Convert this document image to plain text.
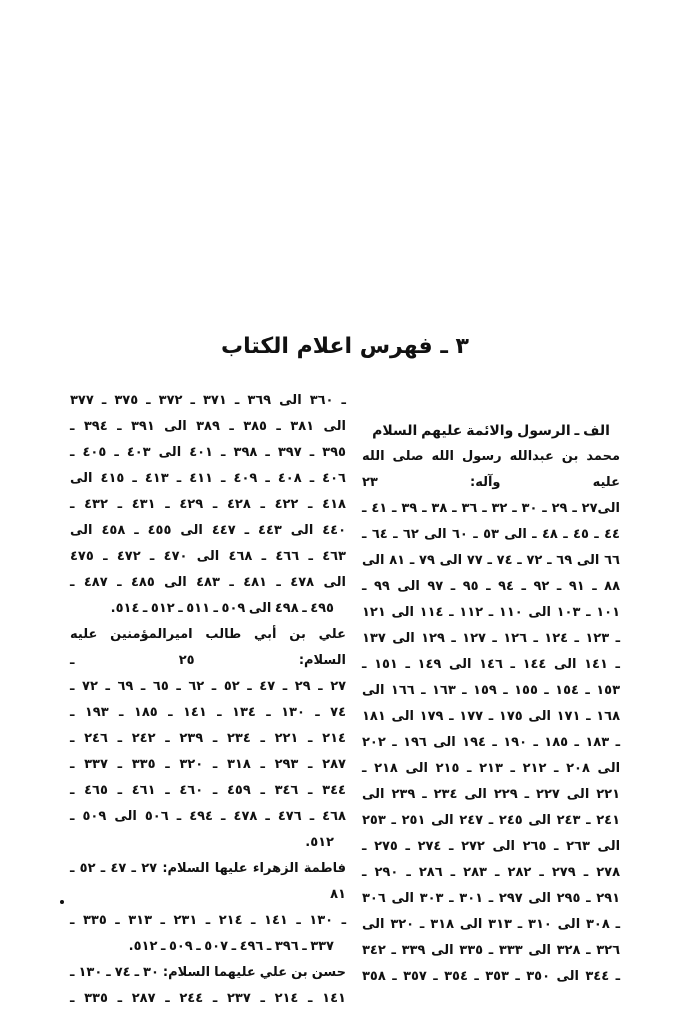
٣ ـ فهرس اعلام الكتاب
الف ـ الرسول والائمة عليهم السلام
محمد بن عبدالله رسول الله صلى الله عليه وآله: ٢٣
الى٢٧ ـ ٢٩ ـ ٣٠ ـ ٣٢ ـ ٣٦ ـ ٣٨ ـ ٣٩ ـ ٤١ ـ
٤٤ ـ ٤٥ ـ ٤٨ ـ الى ٥٣ ـ ٦٠ الى ٦٢ ـ ٦٤ ـ
٦٦ الى ٦٩ ـ ٧٢ ـ ٧٤ ـ ٧٧ الى ٧٩ ـ ٨١ الى
٨٨ ـ ٩١ ـ ٩٢ ـ ٩٤ ـ ٩٥ ـ ٩٧ الى ٩٩ ـ
١٠١ ـ ١٠٣ الى ١١٠ ـ ١١٢ ـ ١١٤ الى ١٢١
ـ ١٢٣ ـ ١٢٤ ـ ١٢٦ ـ ١٢٧ ـ ١٢٩ الى ١٣٧
ـ ١٤١ الى ١٤٤ ـ ١٤٦ الى ١٤٩ ـ ١٥١ ـ
١٥٣ ـ ١٥٤ ـ ١٥٥ ـ ١٥٩ ـ ١٦٣ ـ ١٦٦ الى
١٦٨ ـ ١٧١ الى ١٧٥ ـ ١٧٧ ـ ١٧٩ الى ١٨١
ـ ١٨٣ ـ ١٨٥ ـ ١٩٠ ـ ١٩٤ الى ١٩٦ ـ ٢٠٢
الى ٢٠٨ ـ ٢١٢ ـ ٢١٣ ـ ٢١٥ الى ٢١٨ ـ
٢٢١ الى ٢٢٧ ـ ٢٢٩ الى ٢٣٤ ـ ٢٣٩ الى
٢٤١ ـ ٢٤٣ الى ٢٤٥ ـ ٢٤٧ الى ٢٥١ ـ ٢٥٣
الى ٢٦٣ ـ ٢٦٥ الى ٢٧٢ ـ ٢٧٤ ـ ٢٧٥ ـ
٢٧٨ ـ ٢٧٩ ـ ٢٨٢ ـ ٢٨٣ ـ ٢٨٦ ـ ٢٩٠ ـ
٢٩١ ـ ٢٩٥ الى ٢٩٧ ـ ٣٠١ ـ ٣٠٣ الى ٣٠٦
ـ ٣٠٨ الى ٣١٠ ـ ٣١٣ الى ٣١٨ ـ ٣٢٠ الى
٣٢٦ ـ ٣٢٨ الى ٣٣٣ ـ ٣٣٥ الى ٣٣٩ ـ ٣٤٢
ـ ٣٤٤ الى ٣٥٠ ـ ٣٥٣ ـ ٣٥٤ ـ ٣٥٧ ـ ٣٥٨
ـ ٣٦٠ الى ٣٦٩ ـ ٣٧١ ـ ٣٧٢ ـ ٣٧٥ ـ ٣٧٧
الى ٣٨١ ـ ٣٨٥ ـ ٣٨٩ الى ٣٩١ ـ ٣٩٤ ـ
٣٩٥ ـ ٣٩٧ ـ ٣٩٨ ـ ٤٠١ الى ٤٠٣ ـ ٤٠٥ ـ
٤٠٦ ـ ٤٠٨ ـ ٤٠٩ ـ ٤١١ ـ ٤١٣ ـ ٤١٥ الى
٤١٨ ـ ٤٢٢ ـ ٤٢٨ ـ ٤٢٩ ـ ٤٣١ ـ ٤٣٢ ـ
٤٤٠ الى ٤٤٣ ـ ٤٤٧ الى ٤٥٥ ـ ٤٥٨ الى
٤٦٣ ـ ٤٦٦ ـ ٤٦٨ الى ٤٧٠ ـ ٤٧٢ ـ ٤٧٥
الى ٤٧٨ ـ ٤٨١ ـ ٤٨٣ الى ٤٨٥ ـ ٤٨٧ ـ
٤٩٥ ـ ٤٩٨ الى ٥٠٩ ـ ٥١١ ـ ٥١٢ ـ ٥١٤.
علي بن أبي طالب اميرالمؤمنين عليه السلام: ٢٥ ـ
٢٧ ـ ٢٩ ـ ٤٧ ـ ٥٢ ـ ٦٢ ـ ٦٥ ـ ٦٩ ـ ٧٢ ـ
٧٤ ـ ١٣٠ ـ ١٣٤ ـ ١٤١ ـ ١٨٥ ـ ١٩٣ ـ
٢١٤ ـ ٢٢١ ـ ٢٣٤ ـ ٢٣٩ ـ ٢٤٢ ـ ٢٤٦ ـ
٢٨٧ ـ ٢٩٣ ـ ٣١٨ ـ ٣٢٠ ـ ٣٣٥ ـ ٣٣٧ ـ
٣٤٤ ـ ٣٤٦ ـ ٤٥٩ ـ ٤٦٠ ـ ٤٦١ ـ ٤٦٥ ـ
٤٦٨ ـ ٤٧٦ ـ ٤٧٨ ـ ٤٩٤ ـ ٥٠٦ الى ٥٠٩ ـ
٥١٢.
فاطمة الزهراء عليها السلام: ٢٧ ـ ٤٧ ـ ٥٢ ـ ٨١
ـ ١٣٠ ـ ١٤١ ـ ٢١٤ ـ ٢٣١ ـ ٣١٣ ـ ٣٣٥ ـ
٣٣٧ ـ ٣٩٦ ـ ٤٩٦ ـ ٥٠٧ ـ ٥٠٩ ـ ٥١٢.
حسن بن علي عليهما السلام: ٣٠ ـ ٧٤ ـ ١٣٠ ـ
١٤١ ـ ٢١٤ ـ ٢٣٧ ـ ٢٤٤ ـ ٢٨٧ ـ ٣٣٥ ـ
